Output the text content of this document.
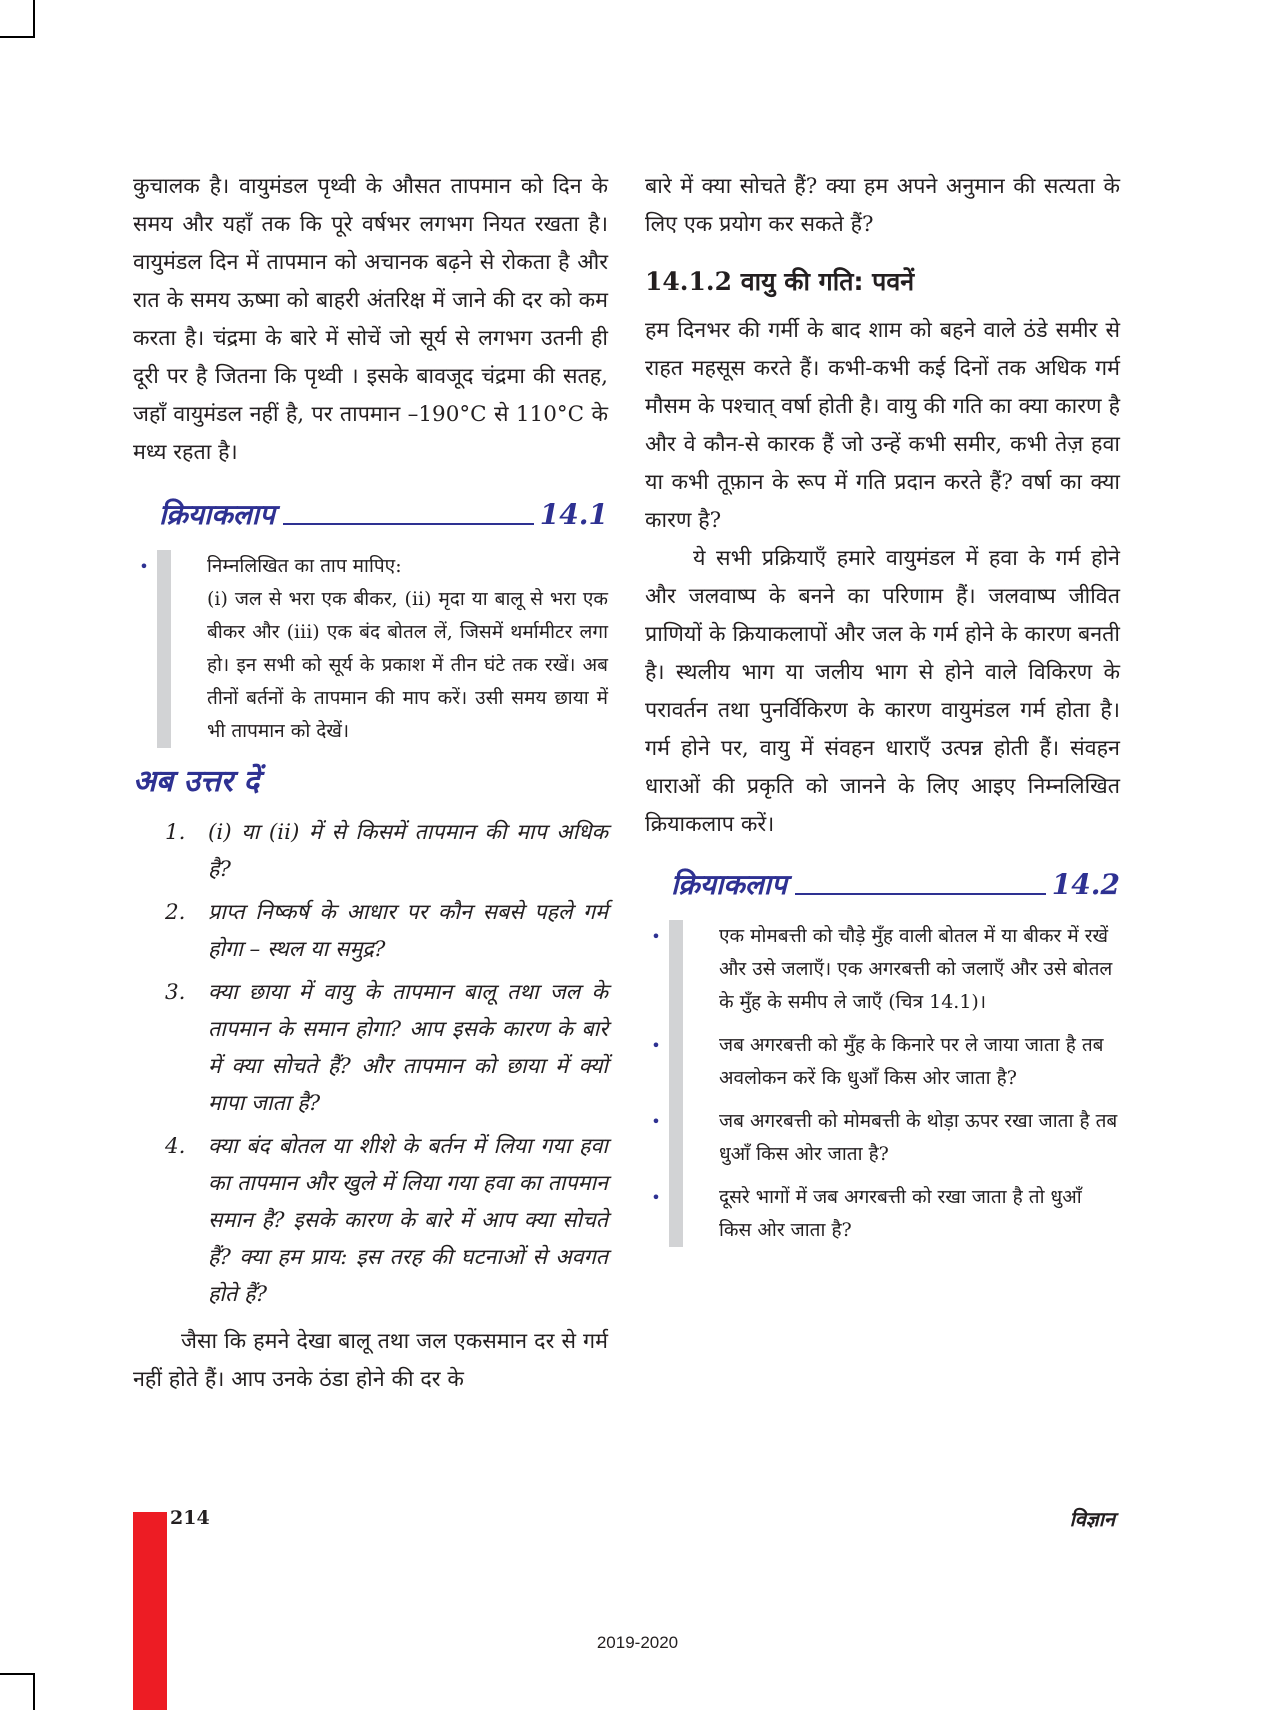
कुचालक है। वायुमंडल पृथ्वी के औसत तापमान को दिन के समय और यहाँ तक कि पूरे वर्षभर लगभग नियत रखता है। वायुमंडल दिन में तापमान को अचानक बढ़ने से रोकता है और रात के समय ऊष्मा को बाहरी अंतरिक्ष में जाने की दर को कम करता है। चंद्रमा के बारे में सोचें जो सूर्य से लगभग उतनी ही दूरी पर है जितना कि पृथ्वी । इसके बावजूद चंद्रमा की सतह, जहाँ वायुमंडल नहीं है, पर तापमान –190°C से 110°C के मध्य रहता है।

क्रियाकलाप	14.1

•	निम्नलिखित का ताप मापिए:

(i) जल से भरा एक बीकर, (ii) मृदा या बालू से भरा एक बीकर और (iii) एक बंद बोतल लें, जिसमें थर्मामीटर लगा हो। इन सभी को सूर्य के प्रकाश में तीन घंटे तक रखें। अब तीनों बर्तनों के तापमान की माप करें। उसी समय छाया में भी तापमान को देखें।

अब उत्तर दें
1. (i) या (ii) में से किसमें तापमान की माप अधिक है?
2. प्राप्त निष्कर्ष के आधार पर कौन सबसे पहले गर्म होगा – स्थल या समुद्र?
3. क्या छाया में वायु के तापमान बालू तथा जल के तापमान के समान होगा? आप इसके कारण के बारे में क्या सोचते हैं? और तापमान को छाया में क्यों मापा जाता है?
4. क्या बंद बोतल या शीशे के बर्तन में लिया गया हवा का तापमान और खुले में लिया गया हवा का तापमान समान है? इसके कारण के बारे में आप क्या सोचते हैं? क्या हम प्राय: इस तरह की घटनाओं से अवगत होते हैं?

जैसा कि हमने देखा बालू तथा जल एकसमान दर से गर्म नहीं होते हैं। आप उनके ठंडा होने की दर के

बारे में क्या सोचते हैं? क्या हम अपने अनुमान की सत्यता के लिए एक प्रयोग कर सकते हैं?

14.1.2 वायु की गति: पवनें

हम दिनभर की गर्मी के बाद शाम को बहने वाले ठंडे समीर से राहत महसूस करते हैं। कभी-कभी कई दिनों तक अधिक गर्म मौसम के पश्चात् वर्षा होती है। वायु की गति का क्या कारण है और वे कौन-से कारक हैं जो उन्हें कभी समीर, कभी तेज़ हवा या कभी तूफ़ान के रूप में गति प्रदान करते हैं? वर्षा का क्या कारण है?

ये सभी प्रक्रियाएँ हमारे वायुमंडल में हवा के गर्म होने और जलवाष्प के बनने का परिणाम हैं। जलवाष्प जीवित प्राणियों के क्रियाकलापों और जल के गर्म होने के कारण बनती है। स्थलीय भाग या जलीय भाग से होने वाले विकिरण के परावर्तन तथा पुनर्विकिरण के कारण वायुमंडल गर्म होता है। गर्म होने पर, वायु में संवहन धाराएँ उत्पन्न होती हैं। संवहन धाराओं की प्रकृति को जानने के लिए आइए निम्नलिखित क्रियाकलाप करें।

क्रियाकलाप	14.2

•	एक मोमबत्ती को चौड़े मुँह वाली बोतल में या बीकर में रखें और उसे जलाएँ। एक अगरबत्ती को जलाएँ और उसे बोतल के मुँह के समीप ले जाएँ (चित्र 14.1)।

•	जब अगरबत्ती को मुँह के किनारे पर ले जाया जाता है तब अवलोकन करें कि धुआँ किस ओर जाता है?

•	जब अगरबत्ती को मोमबत्ती के थोड़ा ऊपर रखा जाता है तब धुआँ किस ओर जाता है?

•	दूसरे भागों में जब अगरबत्ती को रखा जाता है तो धुआँ किस ओर जाता है?

214	विज्ञान
2019-2020
